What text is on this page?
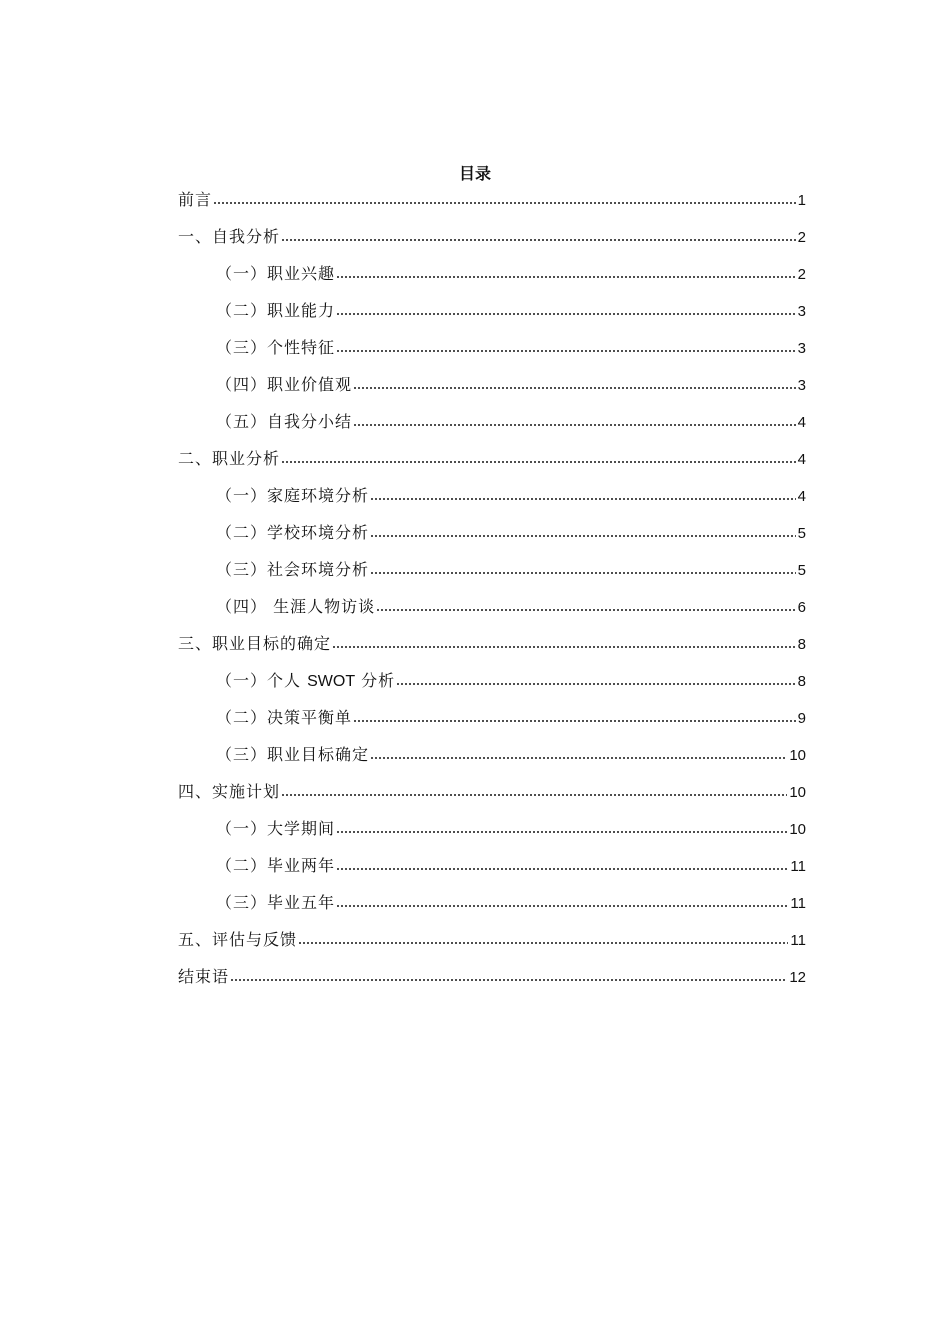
目录
前言	1
一、自我分析	2
（一）职业兴趣	2
（二）职业能力	3
（三）个性特征	3
（四）职业价值观	3
（五）自我分小结	4
二、职业分析	4
（一）家庭环境分析	4
（二）学校环境分析	5
（三）社会环境分析	5
（四） 生涯人物访谈	6
三、职业目标的确定	8
（一）个人 SWOT 分析	8
（二）决策平衡单	9
（三）职业目标确定	10
四、实施计划	10
（一）大学期间	10
（二）毕业两年	11
（三）毕业五年	11
五、评估与反馈	11
结束语	12
